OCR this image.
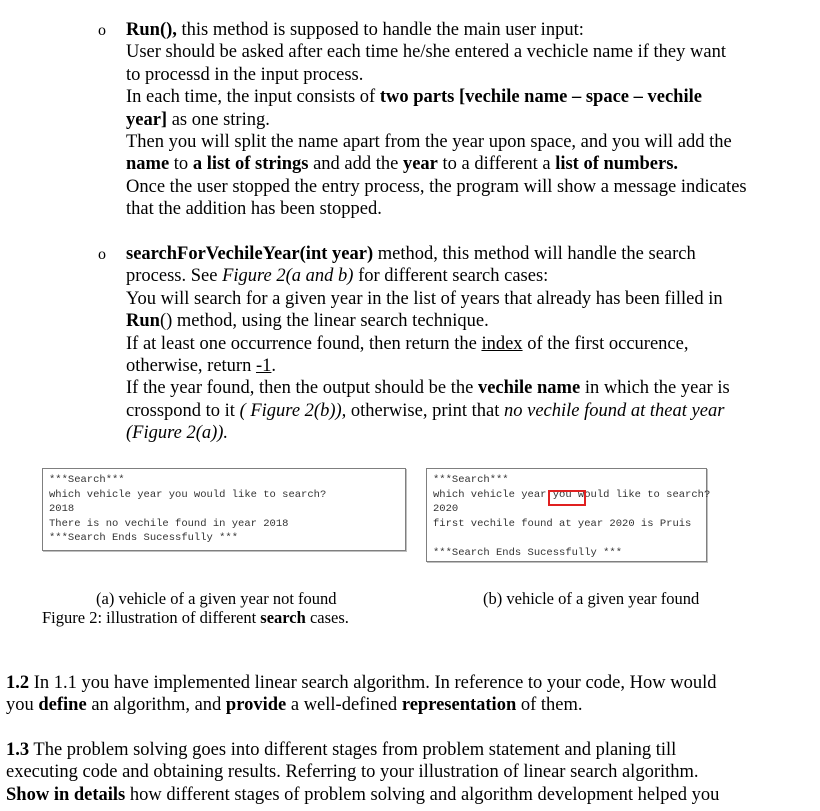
o Run(), this method is supposed to handle the main user input:
User should be asked after each time he/she entered a vechicle name if they want
to processd in the input process.
In each time, the input consists of two parts [vechile name – space – vechile
year] as one string.
Then you will split the name apart from the year upon space, and you will add the
name to a list of strings and add the year to a different a list of numbers.
Once the user stopped the entry process, the program will show a message indicates
that the addition has been stopped.
o searchForVechileYear(int year) method, this method will handle the search
process. See Figure 2(a and b) for different search cases:
You will search for a given year in the list of years that already has been filled in
Run() method, using the linear search technique.
If at least one occurrence found, then return the index of the first occurence,
otherwise, return -1.
If the year found, then the output should be the vechile name in which the year is
crosspond to it ( Figure 2(b)), otherwise, print that no vechile found at theat year
(Figure 2(a)).
***Search***
which vehicle year you would like to search?
2018
There is no vechile found in year 2018
***Search Ends Sucessfully ***
***Search***
which vehicle year you would like to search?
2020
first vechile found at year 2020 is Pruis

***Search Ends Sucessfully ***
(a) vehicle of a given year not found	(b) vehicle of a given year found
Figure 2: illustration of different search cases.
1.2 In 1.1 you have implemented linear search algorithm. In reference to your code, How would
you define an algorithm, and provide a well-defined representation of them.
1.3 The problem solving goes into different stages from problem statement and planing till
executing code and obtaining results. Referring to your illustration of linear search algorithm.
Show in details how different stages of problem solving and algorithm development helped you
